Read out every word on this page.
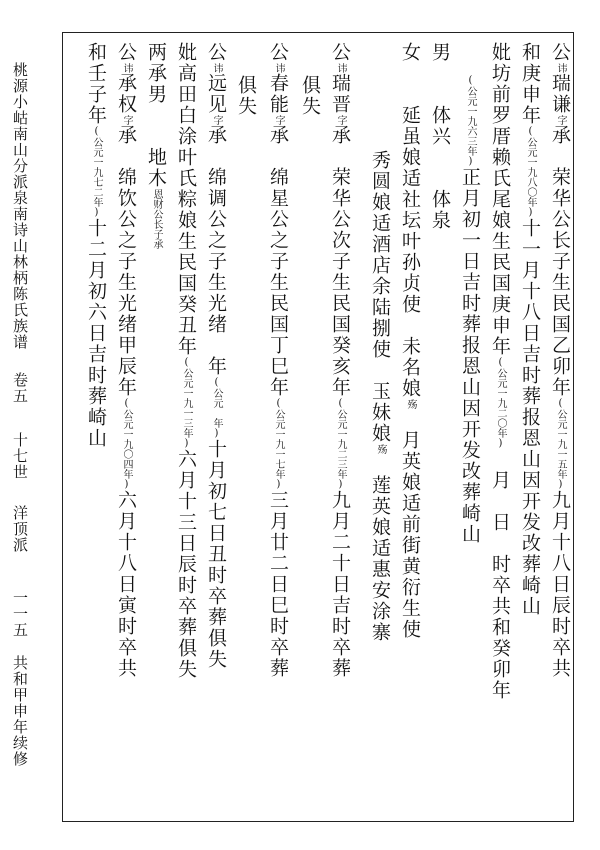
桃源小岵南山分派泉南诗山林柄陈氏族谱
卷五
十七世
洋顶派
一一五
共和甲申年续修
公讳瑞谦字承　荣华公长子生民国乙卯年(公元一九一五年)九月十八日辰时卒共
和庚申年(公元一九八〇年)十一月十八日吉时葬报恩山因开发改葬崎山
妣坊前罗厝赖氏尾娘生民国庚申年(公元一九二〇年)　月　日　时卒共和癸卯年
(公元一九六三年)正月初一日吉时葬报恩山因开发改葬崎山
男　　体兴　　体泉
女　　延虽娘适社坛叶孙贞使　未名娘殇　月英娘适前街黄衍生使
秀圆娘适酒店余陆捌使　玉妹娘殇　莲英娘适惠安涂寨
公讳瑞晋字承　荣华公次子生民国癸亥年(公元一九二三年)九月二十日吉时卒葬
俱失
公讳春能字承　绵星公之子生民国丁巳年(公元一九一七年)三月廿二日巳时卒葬
俱失
公讳远见字承　绵调公之子生光绪　年(公元　年)十月初七日丑时卒葬俱失
妣高田白涂叶氏粽娘生民国癸丑年(公元一九一三年)六月十三日辰时卒葬俱失
两承男　　地木恩财公长子承
公讳承权字承　绵饮公之子生光绪甲辰年(公元一九〇四年)六月十八日寅时卒共
和壬子年(公元一九七二年)十二月初六日吉时葬崎山
